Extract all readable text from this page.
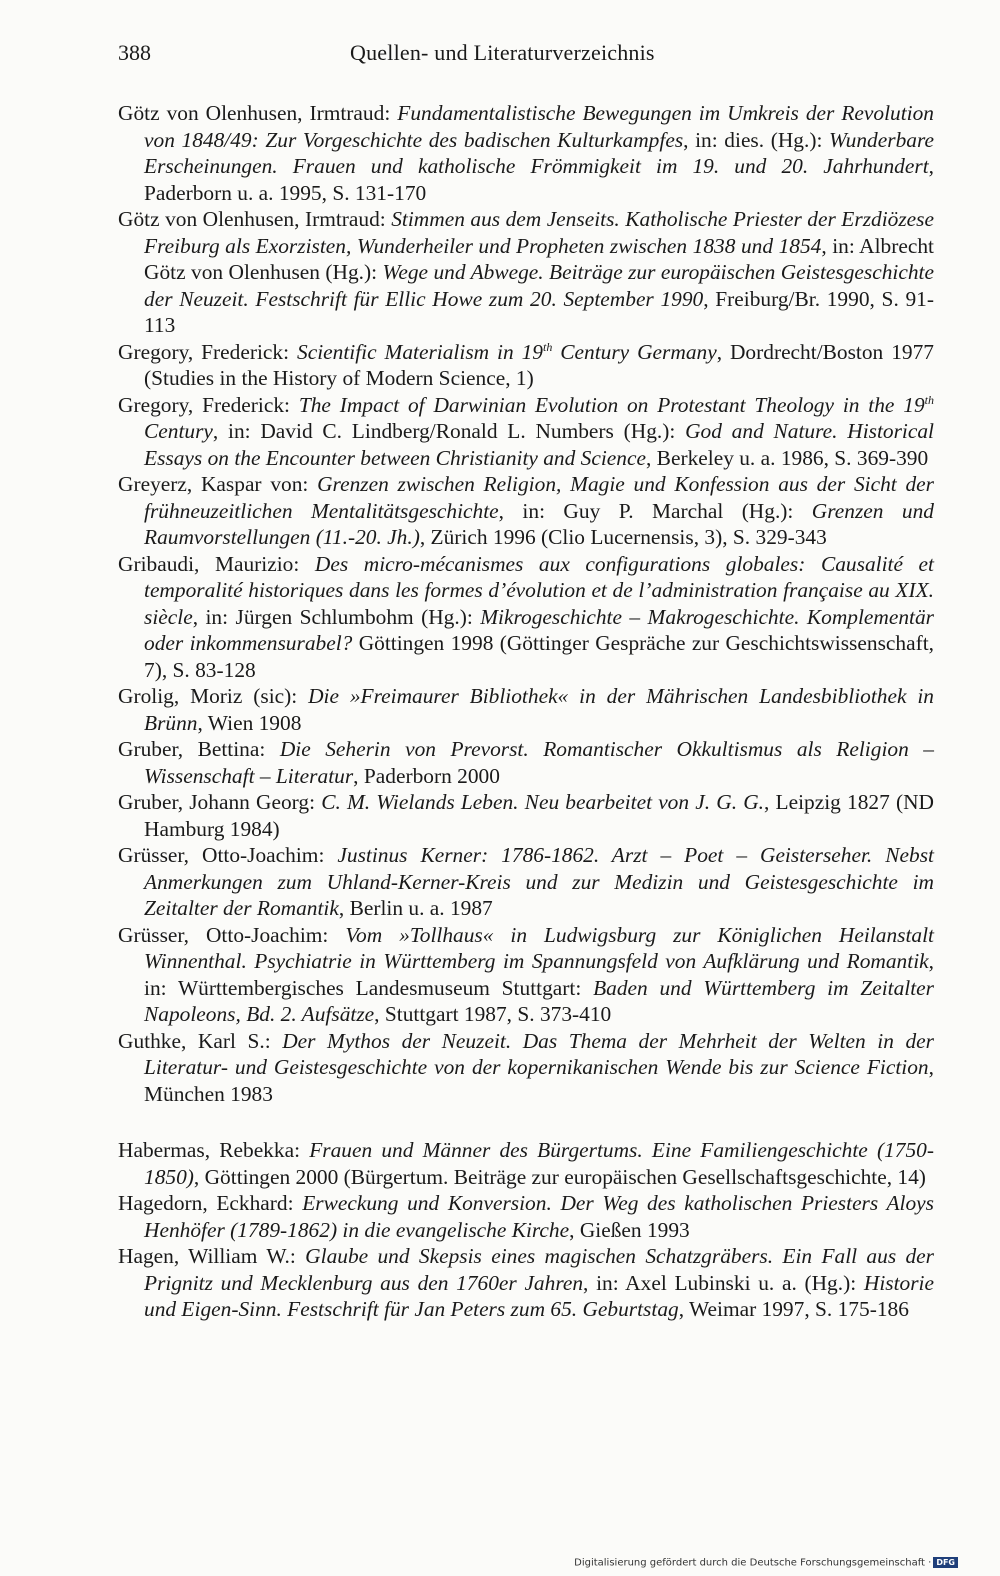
388	Quellen- und Literaturverzeichnis
Götz von Olenhusen, Irmtraud: Fundamentalistische Bewegungen im Umkreis der Revolution von 1848/49: Zur Vorgeschichte des badischen Kulturkampfes, in: dies. (Hg.): Wunderbare Erscheinungen. Frauen und katholische Frömmigkeit im 19. und 20. Jahrhundert, Paderborn u. a. 1995, S. 131-170
Götz von Olenhusen, Irmtraud: Stimmen aus dem Jenseits. Katholische Priester der Erzdiözese Freiburg als Exorzisten, Wunderheiler und Propheten zwischen 1838 und 1854, in: Albrecht Götz von Olenhusen (Hg.): Wege und Abwege. Beiträge zur europäischen Geistesgeschichte der Neuzeit. Festschrift für Ellic Howe zum 20. September 1990, Freiburg/Br. 1990, S. 91-113
Gregory, Frederick: Scientific Materialism in 19th Century Germany, Dordrecht/Boston 1977 (Studies in the History of Modern Science, 1)
Gregory, Frederick: The Impact of Darwinian Evolution on Protestant Theology in the 19th Century, in: David C. Lindberg/Ronald L. Numbers (Hg.): God and Nature. Historical Essays on the Encounter between Christianity and Science, Berkeley u. a. 1986, S. 369-390
Greyerz, Kaspar von: Grenzen zwischen Religion, Magie und Konfession aus der Sicht der frühneuzeitlichen Mentalitätsgeschichte, in: Guy P. Marchal (Hg.): Grenzen und Raumvorstellungen (11.-20. Jh.), Zürich 1996 (Clio Lucernensis, 3), S. 329-343
Gribaudi, Maurizio: Des micro-mécanismes aux configurations globales: Causalité et temporalité historiques dans les formes d’évolution et de l’administration française au XIX. siècle, in: Jürgen Schlumbohm (Hg.): Mikrogeschichte – Makrogeschichte. Komplementär oder inkommensurabel? Göttingen 1998 (Göttinger Gespräche zur Geschichtswissenschaft, 7), S. 83-128
Grolig, Moriz (sic): Die »Freimaurer Bibliothek« in der Mährischen Landesbibliothek in Brünn, Wien 1908
Gruber, Bettina: Die Seherin von Prevorst. Romantischer Okkultismus als Religion – Wissenschaft – Literatur, Paderborn 2000
Gruber, Johann Georg: C. M. Wielands Leben. Neu bearbeitet von J. G. G., Leipzig 1827 (ND Hamburg 1984)
Grüsser, Otto-Joachim: Justinus Kerner: 1786-1862. Arzt – Poet – Geisterseher. Nebst Anmerkungen zum Uhland-Kerner-Kreis und zur Medizin und Geistesgeschichte im Zeitalter der Romantik, Berlin u. a. 1987
Grüsser, Otto-Joachim: Vom »Tollhaus« in Ludwigsburg zur Königlichen Heilanstalt Winnenthal. Psychiatrie in Württemberg im Spannungsfeld von Aufklärung und Romantik, in: Württembergisches Landesmuseum Stuttgart: Baden und Württemberg im Zeitalter Napoleons, Bd. 2. Aufsätze, Stuttgart 1987, S. 373-410
Guthke, Karl S.: Der Mythos der Neuzeit. Das Thema der Mehrheit der Welten in der Literatur- und Geistesgeschichte von der kopernikanischen Wende bis zur Science Fiction, München 1983
Habermas, Rebekka: Frauen und Männer des Bürgertums. Eine Familiengeschichte (1750-1850), Göttingen 2000 (Bürgertum. Beiträge zur europäischen Gesellschaftsgeschichte, 14)
Hagedorn, Eckhard: Erweckung und Konversion. Der Weg des katholischen Priesters Aloys Henhöfer (1789-1862) in die evangelische Kirche, Gießen 1993
Hagen, William W.: Glaube und Skepsis eines magischen Schatzgräbers. Ein Fall aus der Prignitz und Mecklenburg aus den 1760er Jahren, in: Axel Lubinski u. a. (Hg.): Historie und Eigen-Sinn. Festschrift für Jan Peters zum 65. Geburtstag, Weimar 1997, S. 175-186
Digitalisierung gefördert durch die Deutsche Forschungsgemeinschaft · DFG
